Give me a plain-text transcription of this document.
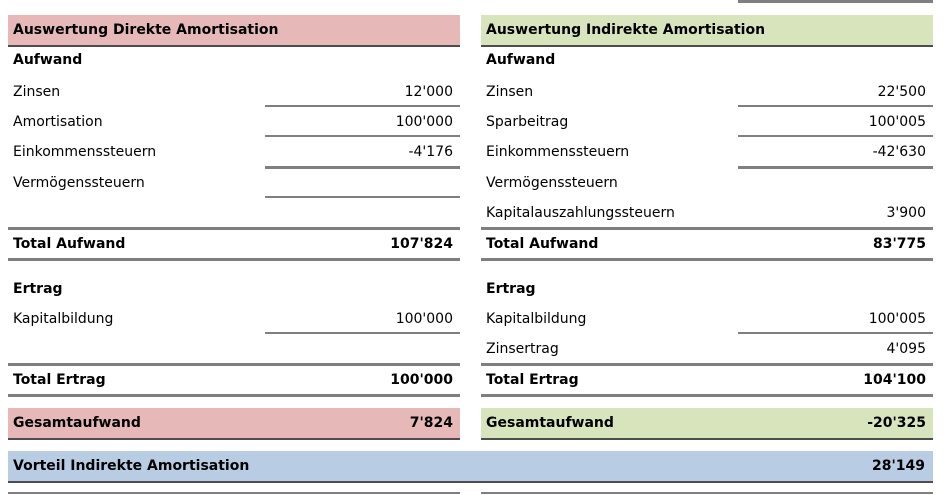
Auswertung Direkte Amortisation
Aufwand
Zinsen	12'000
Amortisation	100'000
Einkommenssteuern	-4'176
Vermögenssteuern
Total Aufwand	107'824
Ertrag
Kapitalbildung	100'000
Total Ertrag	100'000
Gesamtaufwand	7'824
Auswertung Indirekte Amortisation
Aufwand
Zinsen	22'500
Sparbeitrag	100'005
Einkommenssteuern	-42'630
Vermögenssteuern
Kapitalauszahlungssteuern	3'900
Total Aufwand	83'775
Ertrag
Kapitalbildung	100'005
Zinsertrag	4'095
Total Ertrag	104'100
Gesamtaufwand	-20'325
Vorteil Indirekte Amortisation	28'149
